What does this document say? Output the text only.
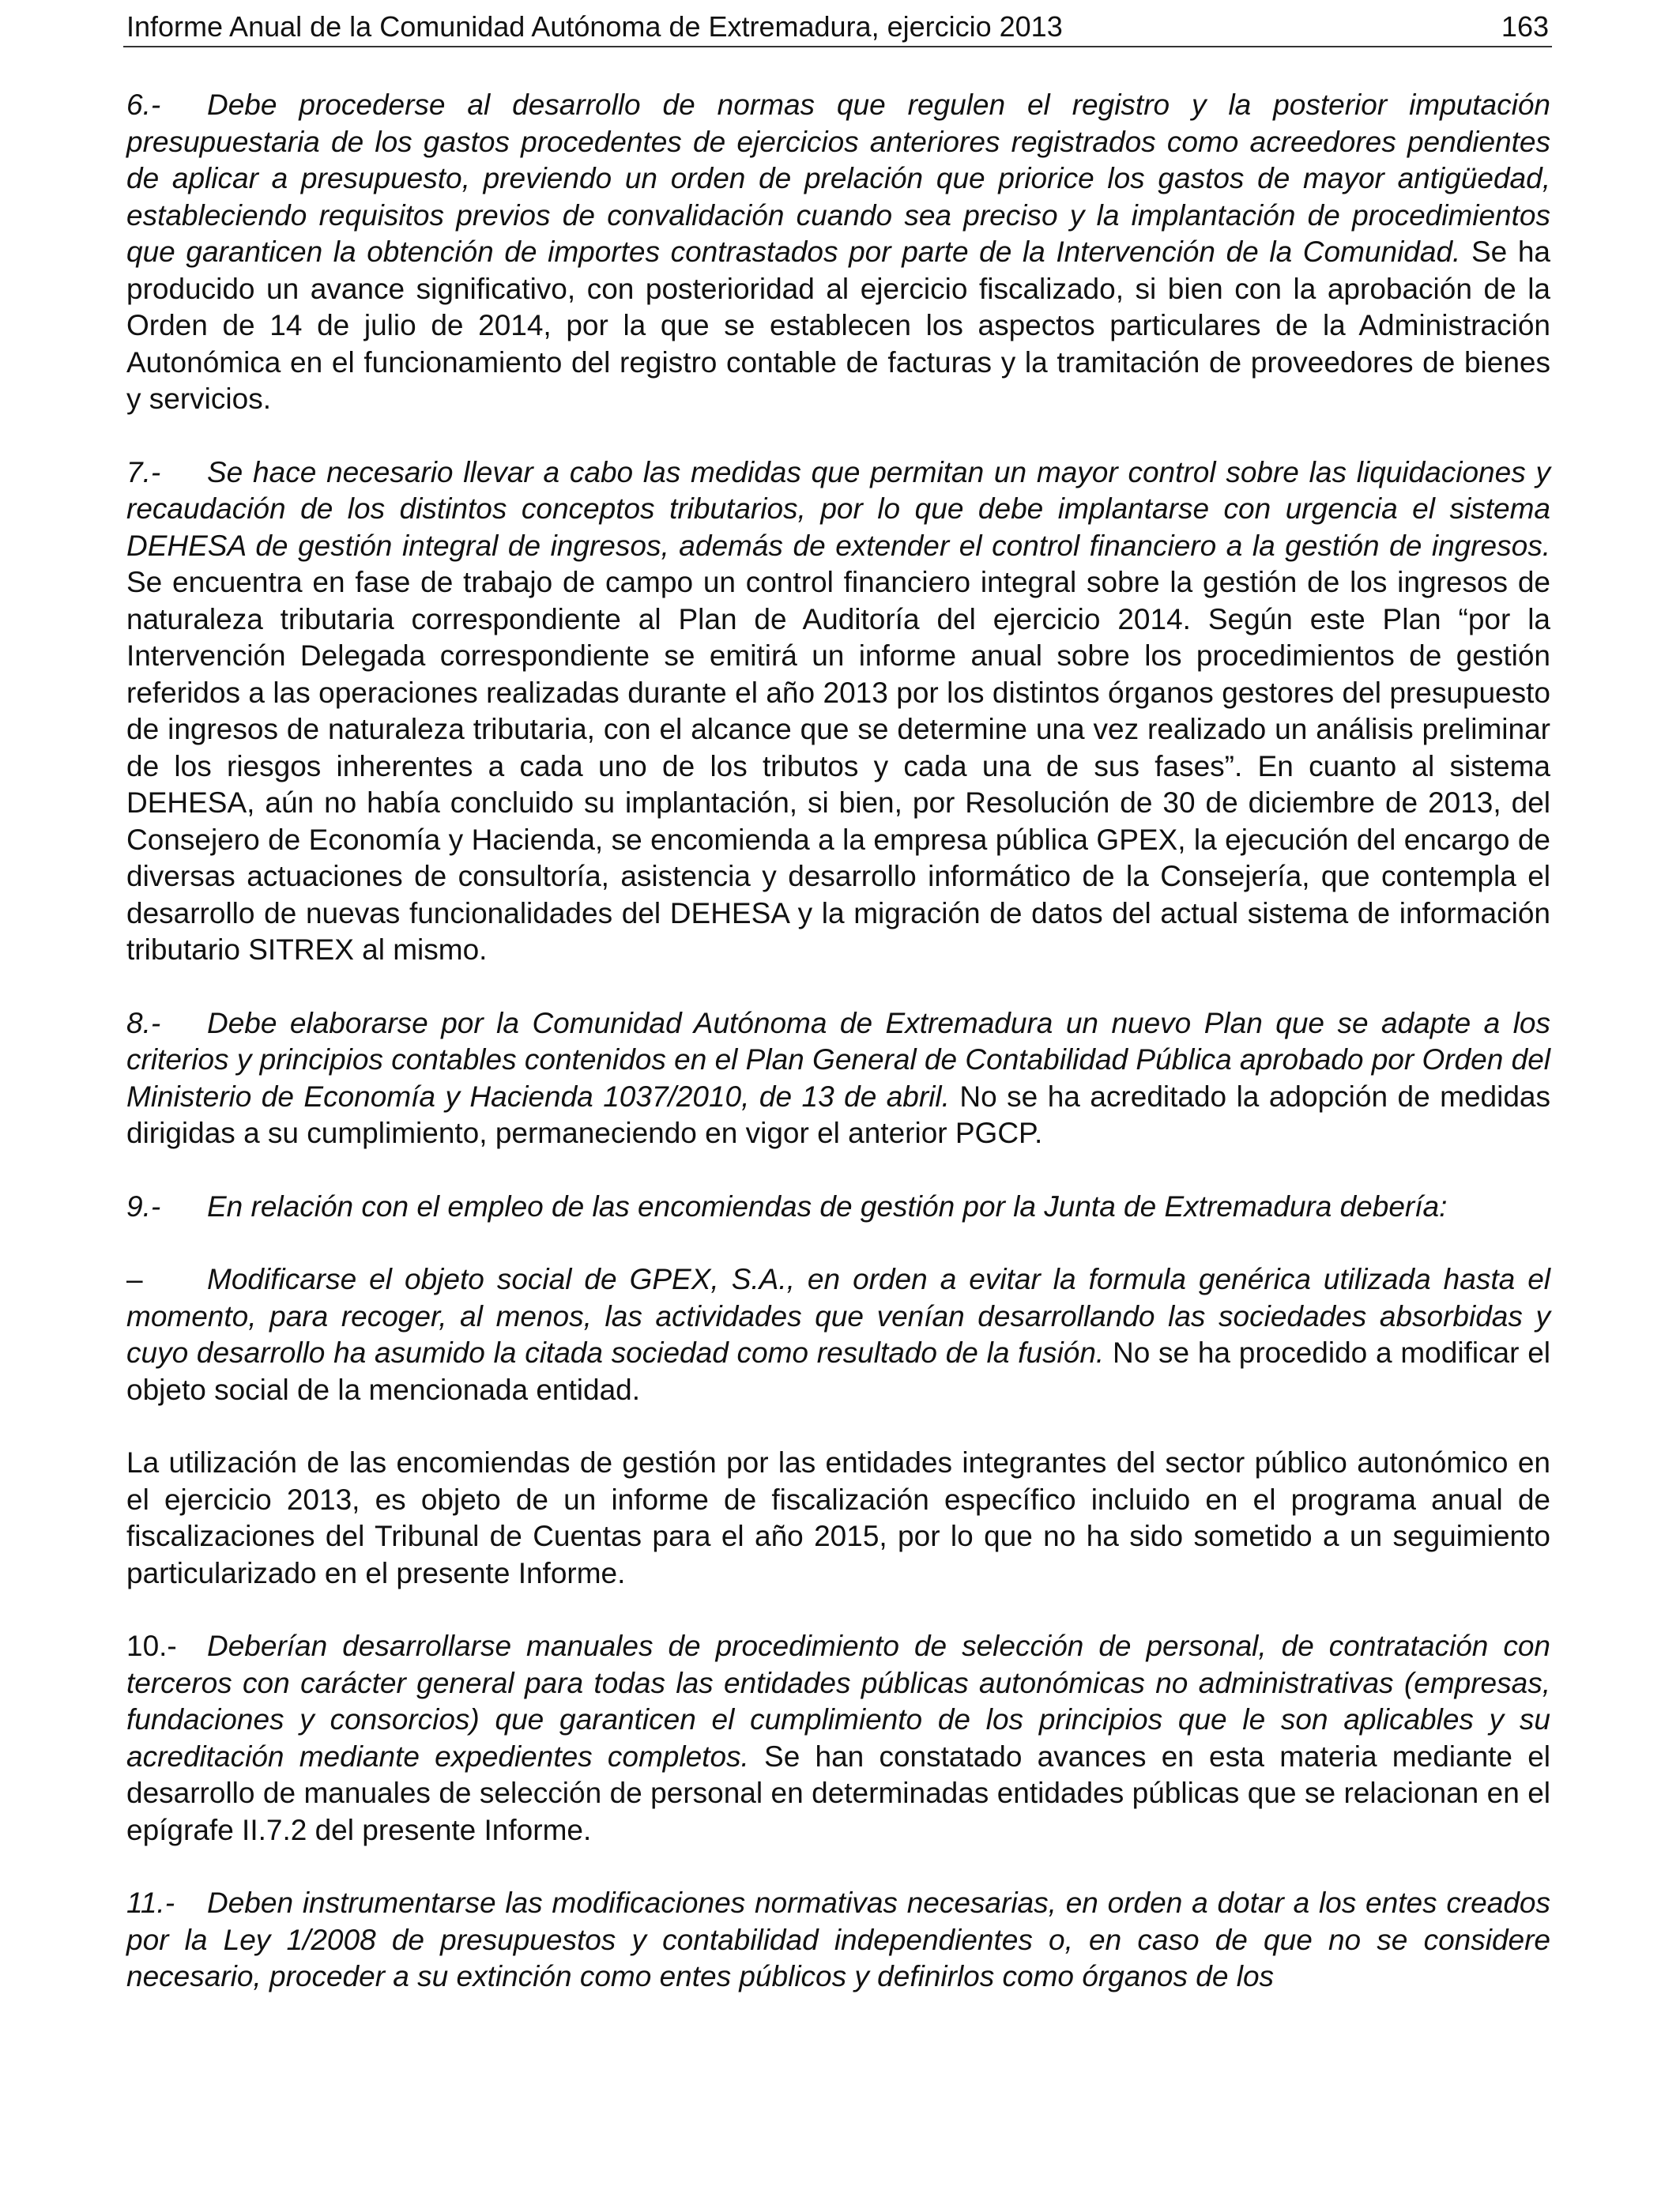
Informe Anual de la Comunidad Autónoma de Extremadura, ejercicio 2013	163

6.- Debe procederse al desarrollo de normas que regulen el registro y la posterior imputación presupuestaria de los gastos procedentes de ejercicios anteriores registrados como acreedores pendientes de aplicar a presupuesto, previendo un orden de prelación que priorice los gastos de mayor antigüedad, estableciendo requisitos previos de convalidación cuando sea preciso y la implantación de procedimientos que garanticen la obtención de importes contrastados por parte de la Intervención de la Comunidad. Se ha producido un avance significativo, con posterioridad al ejercicio fiscalizado, si bien con la aprobación de la Orden de 14 de julio de 2014, por la que se establecen los aspectos particulares de la Administración Autonómica en el funcionamiento del registro contable de facturas y la tramitación de proveedores de bienes y servicios.

7.- Se hace necesario llevar a cabo las medidas que permitan un mayor control sobre las liquidaciones y recaudación de los distintos conceptos tributarios, por lo que debe implantarse con urgencia el sistema DEHESA de gestión integral de ingresos, además de extender el control financiero a la gestión de ingresos. Se encuentra en fase de trabajo de campo un control financiero integral sobre la gestión de los ingresos de naturaleza tributaria correspondiente al Plan de Auditoría del ejercicio 2014. Según este Plan “por la Intervención Delegada correspondiente se emitirá un informe anual sobre los procedimientos de gestión referidos a las operaciones realizadas durante el año 2013 por los distintos órganos gestores del presupuesto de ingresos de naturaleza tributaria, con el alcance que se determine una vez realizado un análisis preliminar de los riesgos inherentes a cada uno de los tributos y cada una de sus fases”. En cuanto al sistema DEHESA, aún no había concluido su implantación, si bien, por Resolución de 30 de diciembre de 2013, del Consejero de Economía y Hacienda, se encomienda a la empresa pública GPEX, la ejecución del encargo de diversas actuaciones de consultoría, asistencia y desarrollo informático de la Consejería, que contempla el desarrollo de nuevas funcionalidades del DEHESA y la migración de datos del actual sistema de información tributario SITREX al mismo.

8.- Debe elaborarse por la Comunidad Autónoma de Extremadura un nuevo Plan que se adapte a los criterios y principios contables contenidos en el Plan General de Contabilidad Pública aprobado por Orden del Ministerio de Economía y Hacienda 1037/2010, de 13 de abril. No se ha acreditado la adopción de medidas dirigidas a su cumplimiento, permaneciendo en vigor el anterior PGCP.

9.- En relación con el empleo de las encomiendas de gestión por la Junta de Extremadura debería:

– Modificarse el objeto social de GPEX, S.A., en orden a evitar la formula genérica utilizada hasta el momento, para recoger, al menos, las actividades que venían desarrollando las sociedades absorbidas y cuyo desarrollo ha asumido la citada sociedad como resultado de la fusión. No se ha procedido a modificar el objeto social de la mencionada entidad.

La utilización de las encomiendas de gestión por las entidades integrantes del sector público autonómico en el ejercicio 2013, es objeto de un informe de fiscalización específico incluido en el programa anual de fiscalizaciones del Tribunal de Cuentas para el año 2015, por lo que no ha sido sometido a un seguimiento particularizado en el presente Informe.

10.- Deberían desarrollarse manuales de procedimiento de selección de personal, de contratación con terceros con carácter general para todas las entidades públicas autonómicas no administrativas (empresas, fundaciones y consorcios) que garanticen el cumplimiento de los principios que le son aplicables y su acreditación mediante expedientes completos. Se han constatado avances en esta materia mediante el desarrollo de manuales de selección de personal en determinadas entidades públicas que se relacionan en el epígrafe II.7.2 del presente Informe.

11.- Deben instrumentarse las modificaciones normativas necesarias, en orden a dotar a los entes creados por la Ley 1/2008 de presupuestos y contabilidad independientes o, en caso de que no se considere necesario, proceder a su extinción como entes públicos y definirlos como órganos de los
